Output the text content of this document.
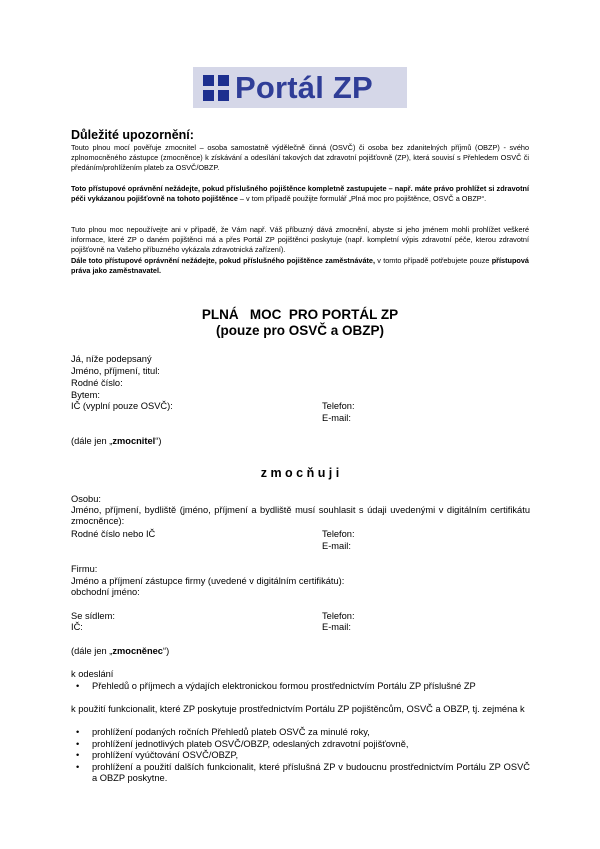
Portál ZP
Důležité upozornění:

Touto plnou mocí pověřuje zmocnitel – osoba samostatně výdělečně činná (OSVČ) či osoba bez zdanitelných příjmů (OBZP) - svého zplnomocněného zástupce (zmocněnce) k získávání a odesílání takových dat zdravotní pojišťovně (ZP), která souvisí s Přehledem OSVČ či předáním/prohlížením plateb za OSVČ/OBZP.

Toto přístupové oprávnění nežádejte, pokud příslušného pojištěnce kompletně zastupujete – např. máte právo prohlížet si zdravotní péči vykázanou pojišťovně na tohoto pojištěnce – v tom případě použijte formulář „Plná moc pro pojištěnce, OSVČ a OBZP“.

Tuto plnou moc nepoužívejte ani v případě, že Vám např. Váš příbuzný dává zmocnění, abyste si jeho jménem mohli prohlížet veškeré informace, které ZP o daném pojištěnci má a přes Portál ZP pojištěnci poskytuje (např. kompletní výpis zdravotní péče, kterou zdravotní pojišťovně na Vašeho příbuzného vykázala zdravotnická zařízení).

Dále toto přístupové oprávnění nežádejte, pokud příslušného pojištěnce zaměstnáváte, v tomto případě potřebujete pouze přístupová práva jako zaměstnavatel.

PLNÁ   MOC  PRO PORTÁL ZP
(pouze pro OSVČ a OBZP)
Já, níže podepsaný
Jméno, příjmení, titul:
Rodné číslo:
Bytem:
IČ (vyplní pouze OSVČ):	Telefon:
E-mail:
(dále jen „zmocnitel“)
z m o c ň u j i
Osobu:

Jméno, příjmení, bydliště (jméno, příjmení a bydliště musí souhlasit s údaji uvedenými v digitálním certifikátu zmocněnce):

Rodné číslo nebo IČ	Telefon:
E-mail:
Firmu:
Jméno a příjmení zástupce firmy (uvedené v digitálním certifikátu):
obchodní jméno:
Se sídlem:	Telefon:
IČ:	E-mail:
(dále jen „zmocněnec“)
k odeslání
• Přehledů o příjmech a výdajích elektronickou formou prostřednictvím Portálu ZP příslušné ZP

k použití funkcionalit, které ZP poskytuje prostřednictvím Portálu ZP pojištěncům, OSVČ a OBZP, tj. zejména k

• prohlížení podaných ročních Přehledů plateb OSVČ za minulé roky,
• prohlížení jednotlivých plateb OSVČ/OBZP, odeslaných zdravotní pojišťovně,
• prohlížení vyúčtování OSVČ/OBZP,
• prohlížení a použití dalších funkcionalit, které příslušná ZP v budoucnu prostřednictvím Portálu ZP OSVČ a OBZP poskytne.
